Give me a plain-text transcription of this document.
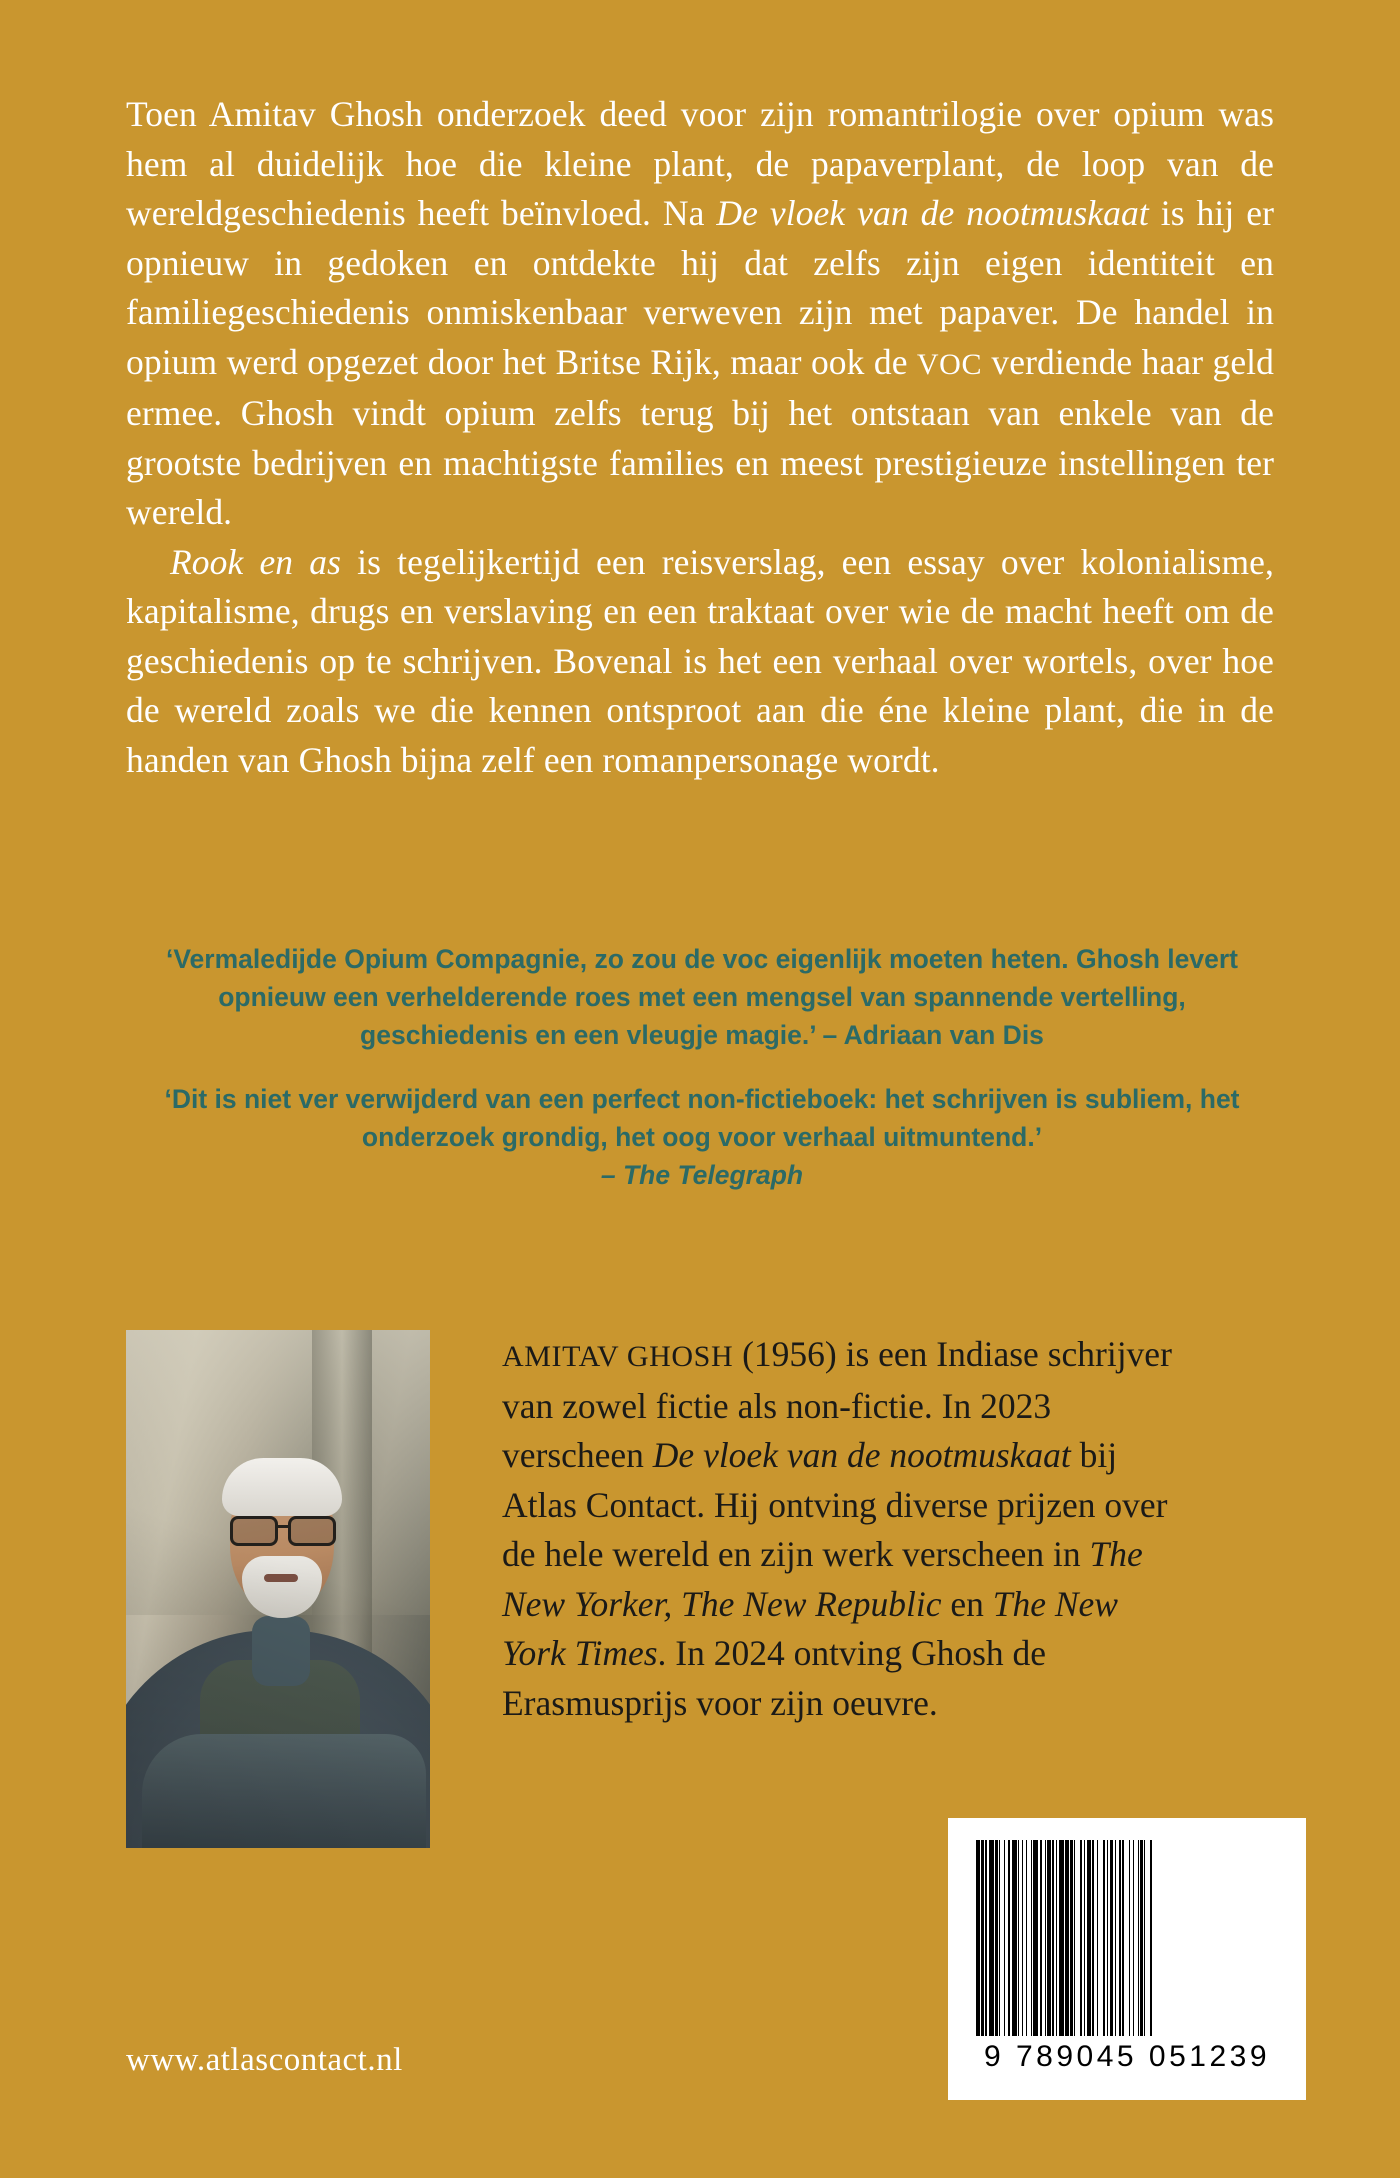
Toen Amitav Ghosh onderzoek deed voor zijn romantrilogie over opium was hem al duidelijk hoe die kleine plant, de papaverplant, de loop van de wereldgeschiedenis heeft beïnvloed. Na De vloek van de nootmuskaat is hij er opnieuw in gedoken en ontdekte hij dat zelfs zijn eigen identiteit en familiegeschiedenis onmiskenbaar verweven zijn met papaver. De handel in opium werd opgezet door het Britse Rijk, maar ook de VOC verdiende haar geld ermee. Ghosh vindt opium zelfs terug bij het ontstaan van enkele van de grootste bedrijven en machtigste families en meest prestigieuze instellingen ter wereld.

Rook en as is tegelijkertijd een reisverslag, een essay over kolonialisme, kapitalisme, drugs en verslaving en een traktaat over wie de macht heeft om de geschiedenis op te schrijven. Bovenal is het een verhaal over wortels, over hoe de wereld zoals we die kennen ontsproot aan die éne kleine plant, die in de handen van Ghosh bijna zelf een romanpersonage wordt.

‘Vermaledijde Opium Compagnie, zo zou de voc eigenlijk moeten heten. Ghosh levert opnieuw een verhelderende roes met een mengsel van spannende vertelling, geschiedenis en een vleugje magie.’ – Adriaan van Dis
‘Dit is niet ver verwijderd van een perfect non-fictieboek: het schrijven is subliem, het onderzoek grondig, het oog voor verhaal uitmuntend.’
– The Telegraph

AMITAV GHOSH (1956) is een Indiase schrijver van zowel fictie als non-fictie. In 2023 verscheen De vloek van de nootmuskaat bij Atlas Contact. Hij ontving diverse prijzen over de hele wereld en zijn werk verscheen in The New Yorker, The New Republic en The New York Times. In 2024 ontving Ghosh de Erasmusprijs voor zijn oeuvre.

9 789045 051239
www.atlascontact.nl
